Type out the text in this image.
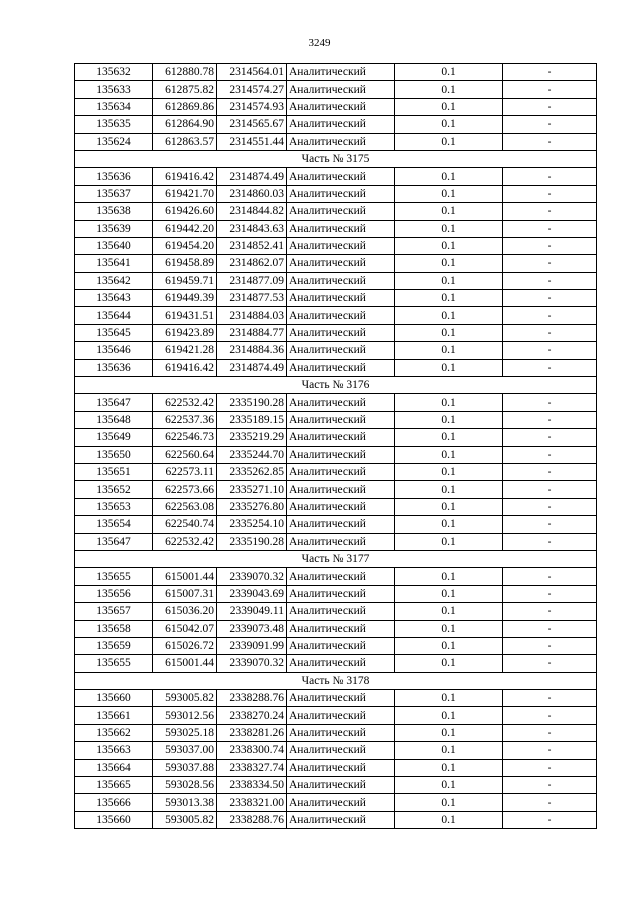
3249
135632	612880.78	2314564.01	Аналитический	0.1	-
135633	612875.82	2314574.27	Аналитический	0.1	-
135634	612869.86	2314574.93	Аналитический	0.1	-
135635	612864.90	2314565.67	Аналитический	0.1	-
135624	612863.57	2314551.44	Аналитический	0.1	-
Часть № 3175					
135636	619416.42	2314874.49	Аналитический	0.1	-
135637	619421.70	2314860.03	Аналитический	0.1	-
135638	619426.60	2314844.82	Аналитический	0.1	-
135639	619442.20	2314843.63	Аналитический	0.1	-
135640	619454.20	2314852.41	Аналитический	0.1	-
135641	619458.89	2314862.07	Аналитический	0.1	-
135642	619459.71	2314877.09	Аналитический	0.1	-
135643	619449.39	2314877.53	Аналитический	0.1	-
135644	619431.51	2314884.03	Аналитический	0.1	-
135645	619423.89	2314884.77	Аналитический	0.1	-
135646	619421.28	2314884.36	Аналитический	0.1	-
135636	619416.42	2314874.49	Аналитический	0.1	-
Часть № 3176					
135647	622532.42	2335190.28	Аналитический	0.1	-
135648	622537.36	2335189.15	Аналитический	0.1	-
135649	622546.73	2335219.29	Аналитический	0.1	-
135650	622560.64	2335244.70	Аналитический	0.1	-
135651	622573.11	2335262.85	Аналитический	0.1	-
135652	622573.66	2335271.10	Аналитический	0.1	-
135653	622563.08	2335276.80	Аналитический	0.1	-
135654	622540.74	2335254.10	Аналитический	0.1	-
135647	622532.42	2335190.28	Аналитический	0.1	-
Часть № 3177					
135655	615001.44	2339070.32	Аналитический	0.1	-
135656	615007.31	2339043.69	Аналитический	0.1	-
135657	615036.20	2339049.11	Аналитический	0.1	-
135658	615042.07	2339073.48	Аналитический	0.1	-
135659	615026.72	2339091.99	Аналитический	0.1	-
135655	615001.44	2339070.32	Аналитический	0.1	-
Часть № 3178					
135660	593005.82	2338288.76	Аналитический	0.1	-
135661	593012.56	2338270.24	Аналитический	0.1	-
135662	593025.18	2338281.26	Аналитический	0.1	-
135663	593037.00	2338300.74	Аналитический	0.1	-
135664	593037.88	2338327.74	Аналитический	0.1	-
135665	593028.56	2338334.50	Аналитический	0.1	-
135666	593013.38	2338321.00	Аналитический	0.1	-
135660	593005.82	2338288.76	Аналитический	0.1	-
